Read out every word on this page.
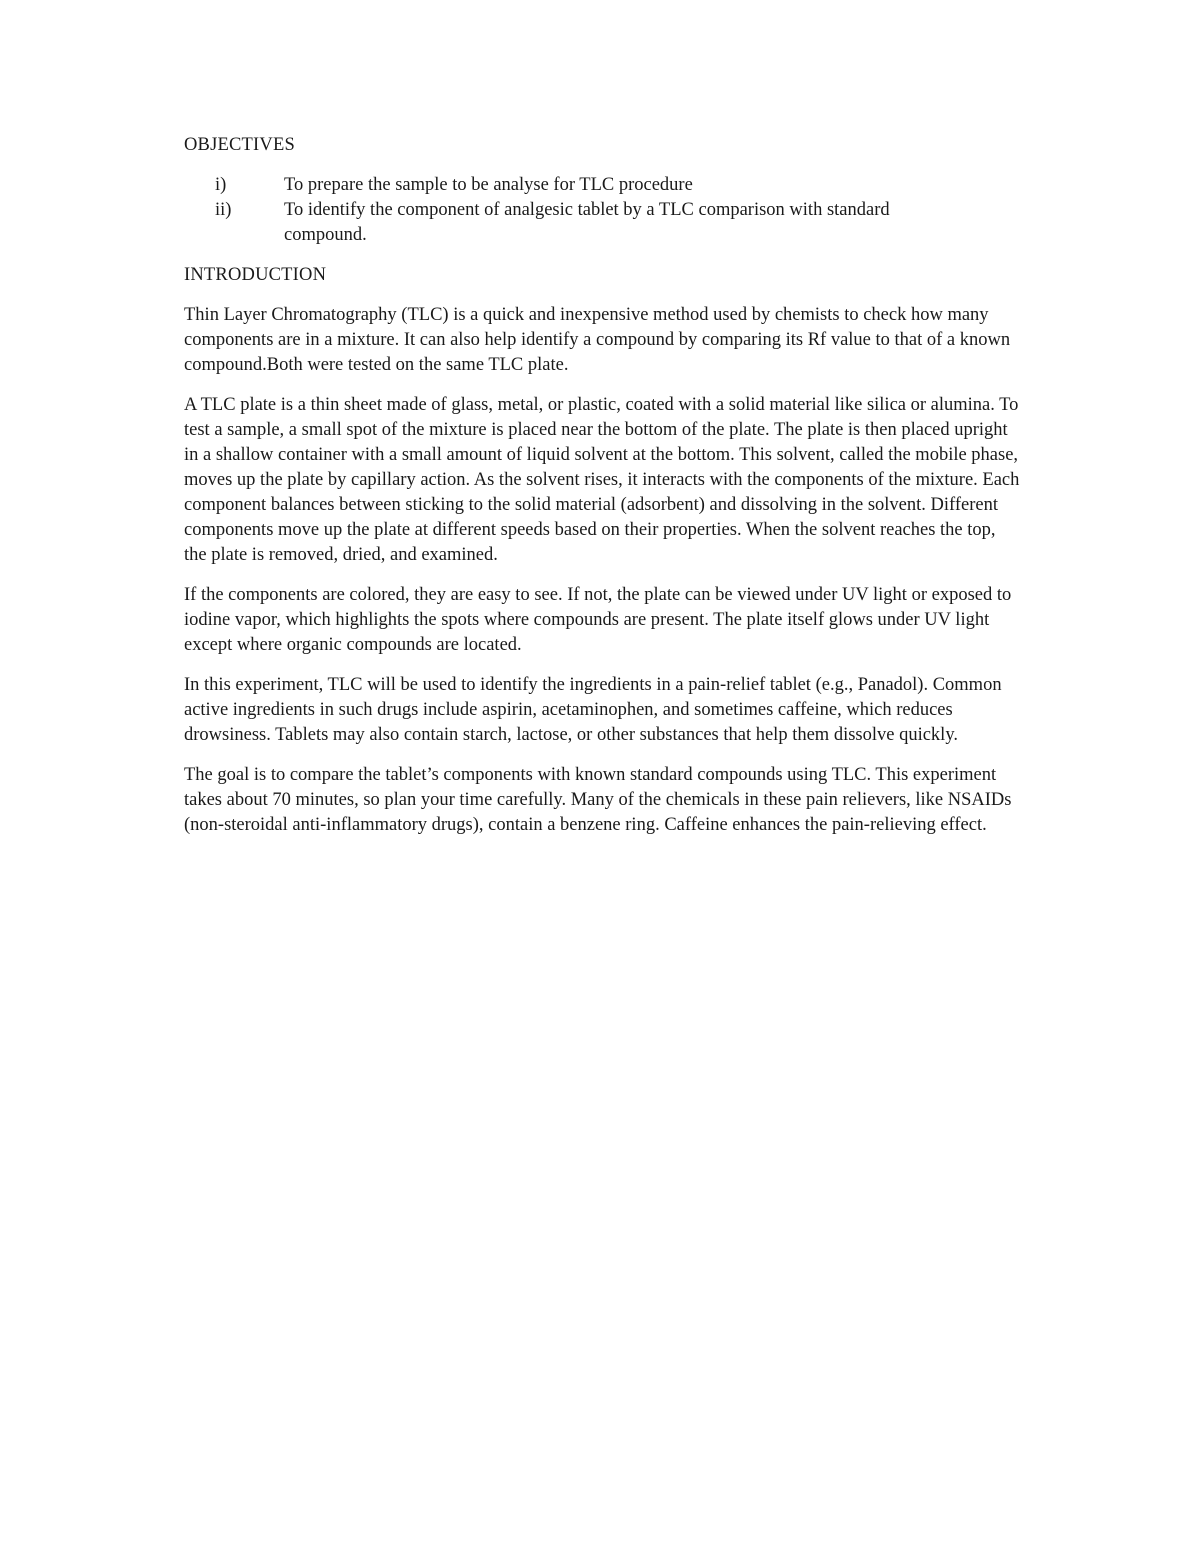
OBJECTIVES
i)	To prepare the sample to be analyse for TLC procedure
ii)	To identify the component of analgesic tablet by a TLC comparison with standard compound.
INTRODUCTION

Thin Layer Chromatography (TLC) is a quick and inexpensive method used by chemists to check how many components are in a mixture. It can also help identify a compound by comparing its Rf value to that of a known compound.Both were tested on the same TLC plate.

A TLC plate is a thin sheet made of glass, metal, or plastic, coated with a solid material like silica or alumina. To test a sample, a small spot of the mixture is placed near the bottom of the plate. The plate is then placed upright in a shallow container with a small amount of liquid solvent at the bottom. This solvent, called the mobile phase, moves up the plate by capillary action. As the solvent rises, it interacts with the components of the mixture. Each component balances between sticking to the solid material (adsorbent) and dissolving in the solvent. Different components move up the plate at different speeds based on their properties. When the solvent reaches the top, the plate is removed, dried, and examined.

If the components are colored, they are easy to see. If not, the plate can be viewed under UV light or exposed to iodine vapor, which highlights the spots where compounds are present. The plate itself glows under UV light except where organic compounds are located.

In this experiment, TLC will be used to identify the ingredients in a pain-relief tablet (e.g., Panadol). Common active ingredients in such drugs include aspirin, acetaminophen, and sometimes caffeine, which reduces drowsiness. Tablets may also contain starch, lactose, or other substances that help them dissolve quickly.

The goal is to compare the tablet’s components with known standard compounds using TLC. This experiment takes about 70 minutes, so plan your time carefully. Many of the chemicals in these pain relievers, like NSAIDs (non-steroidal anti-inflammatory drugs), contain a benzene ring. Caffeine enhances the pain-relieving effect.
